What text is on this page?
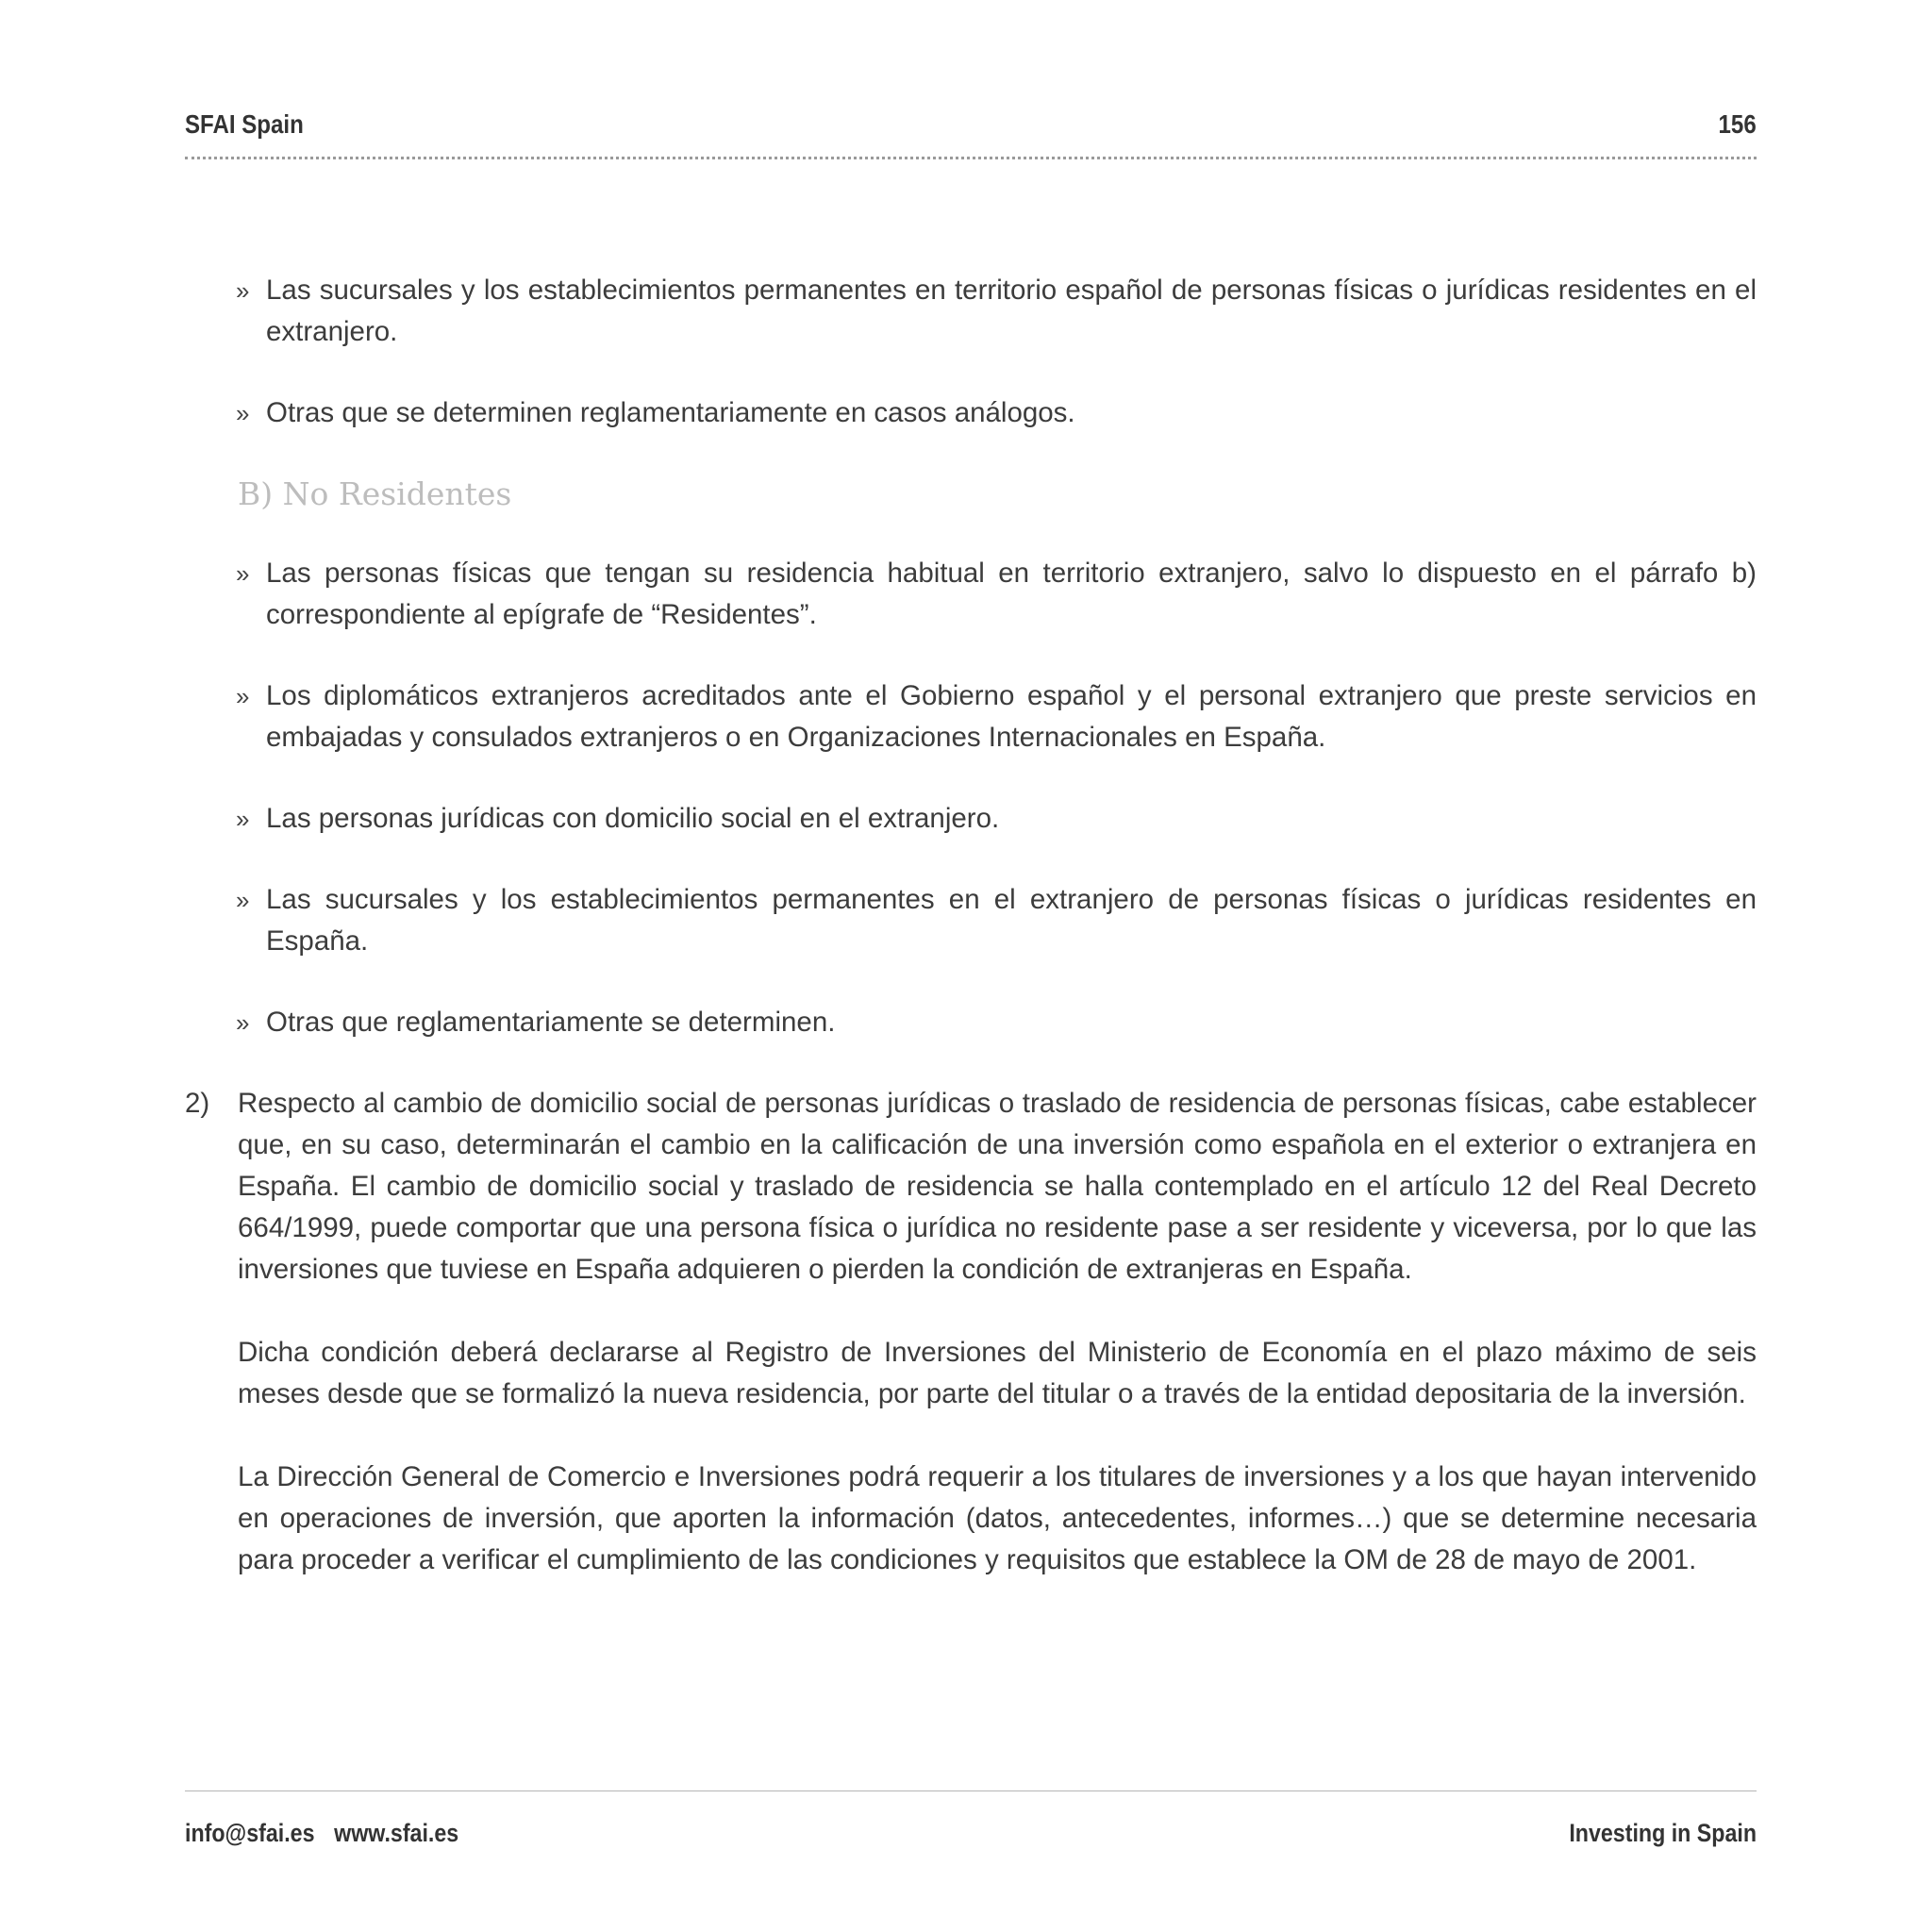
SFAI Spain	156
» Las sucursales y los establecimientos permanentes en territorio español de personas físicas o jurídicas residentes en el extranjero.
» Otras que se determinen reglamentariamente en casos análogos.
B) No Residentes
» Las personas físicas que tengan su residencia habitual en territorio extranjero, salvo lo dispuesto en el párrafo b) correspondiente al epígrafe de “Residentes”.
» Los diplomáticos extranjeros acreditados ante el Gobierno español y el personal extranjero que preste servicios en embajadas y consulados extranjeros o en Organizaciones Internacionales en España.
» Las personas jurídicas con domicilio social en el extranjero.
» Las sucursales y los establecimientos permanentes en el extranjero de personas físicas o jurídicas residentes en España.
» Otras que reglamentariamente se determinen.
2) Respecto al cambio de domicilio social de personas jurídicas o traslado de residencia de personas físicas, cabe establecer que, en su caso, determinarán el cambio en la calificación de una inversión como española en el exterior o extranjera en España. El cambio de domicilio social y traslado de residencia se halla contemplado en el artículo 12 del Real Decreto 664/1999, puede comportar que una persona física o jurídica no residente pase a ser residente y viceversa, por lo que las inversiones que tuviese en España adquieren o pierden la condición de extranjeras en España.
Dicha condición deberá declararse al Registro de Inversiones del Ministerio de Economía en el plazo máximo de seis meses desde que se formalizó la nueva residencia, por parte del titular o a través de la entidad depositaria de la inversión.
La Dirección General de Comercio e Inversiones podrá requerir a los titulares de inversiones y a los que hayan intervenido en operaciones de inversión, que aporten la información (datos, antecedentes, informes…) que se determine necesaria para proceder a verificar el cumplimiento de las condiciones y requisitos que establece la OM de 28 de mayo de 2001.
info@sfai.es www.sfai.es	Investing in Spain
